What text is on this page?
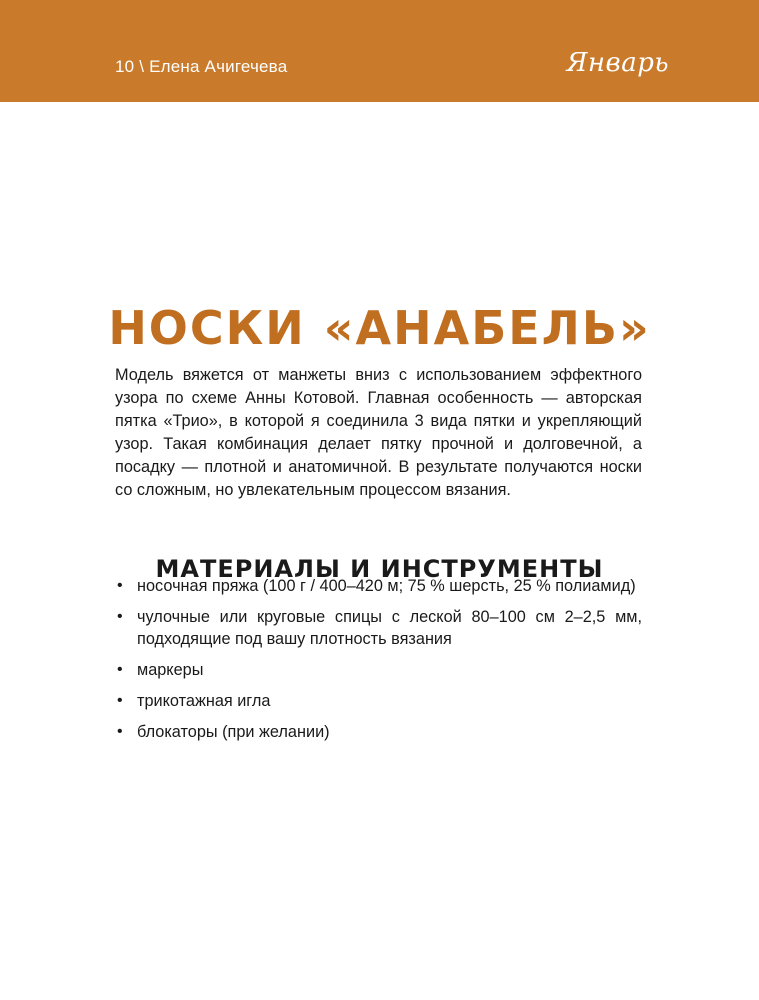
10 \ Елена Ачигечева	Январь
НОСКИ «АНАБЕЛЬ»

Модель вяжется от манжеты вниз с использованием эффектного узора по схеме Анны Котовой. Главная особенность — авторская пятка «Трио», в которой я соединила 3 вида пятки и укрепляющий узор. Такая комбинация делает пятку прочной и долговечной, а посадку — плотной и анатомичной. В результате получаются носки со сложным, но увлекательным процессом вязания.

МАТЕРИАЛЫ И ИНСТРУМЕНТЫ
• носочная пряжа (100 г / 400–420 м; 75 % шерсть, 25 % полиамид)
• чулочные или круговые спицы с леской 80–100 см 2–2,5 мм, подходящие под вашу плотность вязания
• маркеры
• трикотажная игла
• блокаторы (при желании)
